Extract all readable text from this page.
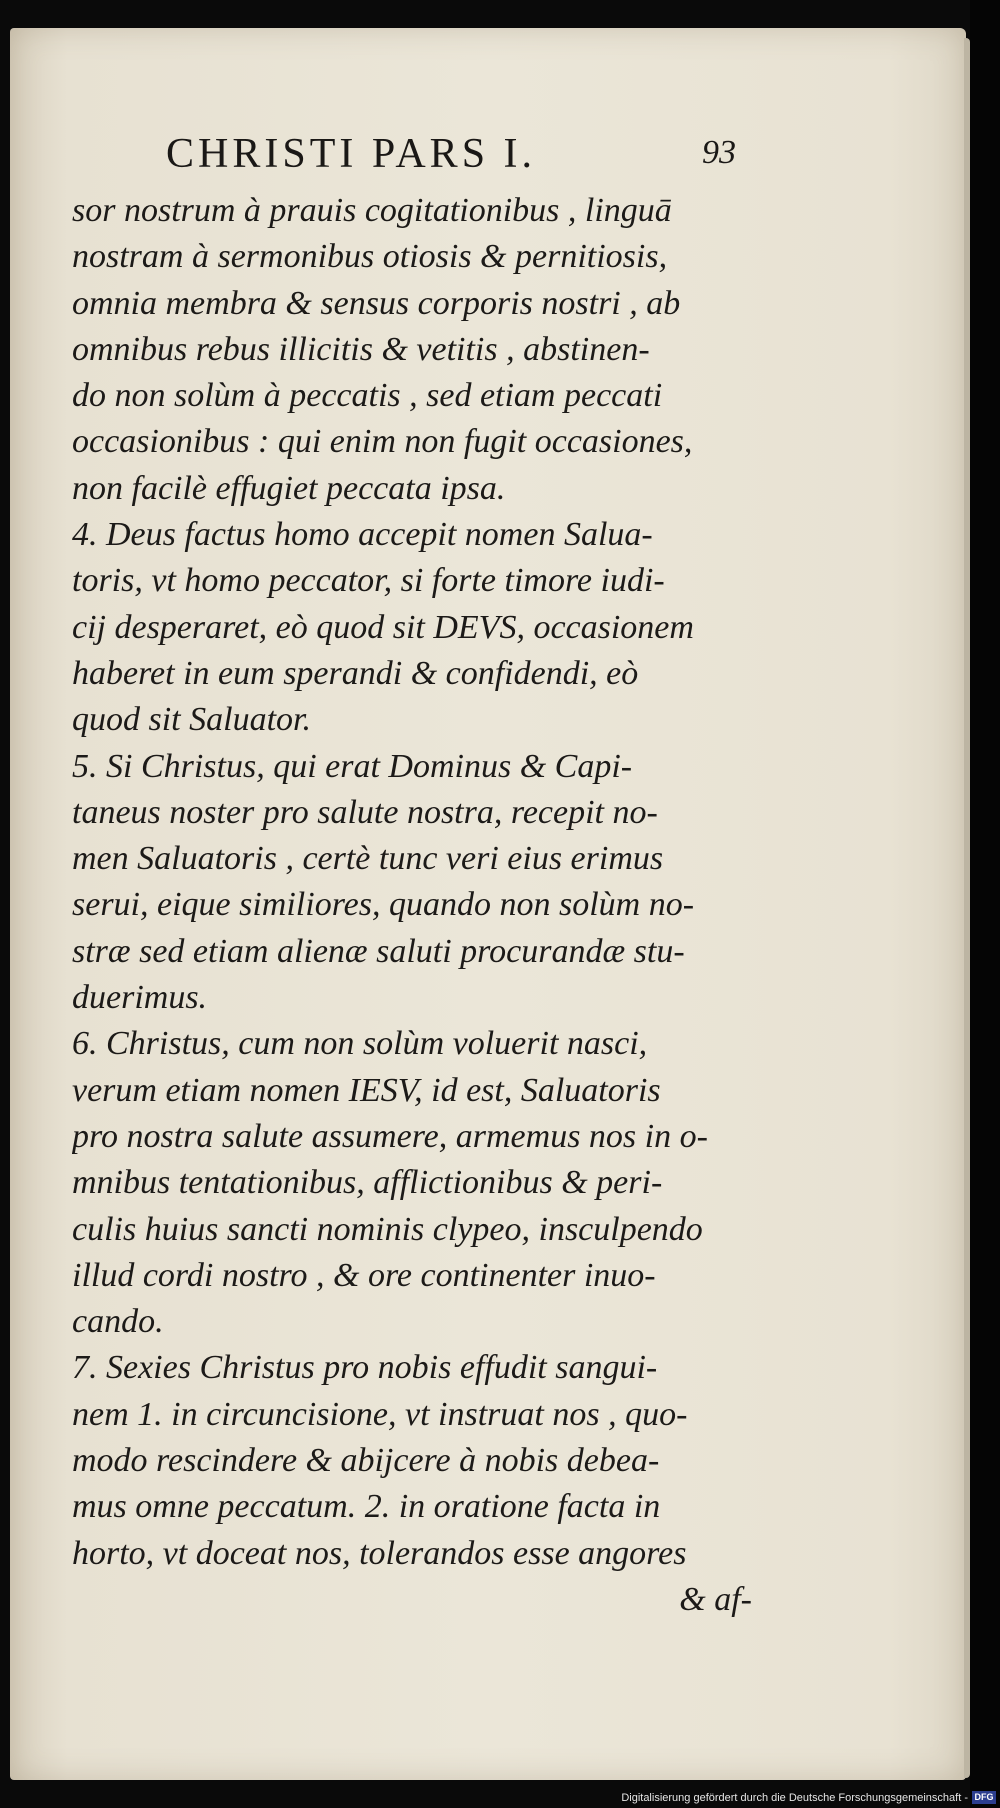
CHRISTI PARS I.	93
sor nostrum à prauis cogitationibus , linguā
nostram à sermonibus otiosis & pernitiosis,
omnia membra & sensus corporis nostri , ab
omnibus rebus illicitis & vetitis , abstinen-
do non solùm à peccatis , sed etiam peccati
occasionibus : qui enim non fugit occasiones,
non facilè effugiet peccata ipsa.
4. Deus factus homo accepit nomen Salua-
toris, vt homo peccator, si forte timore iudi-
cij desperaret, eò quod sit DEVS, occasionem
haberet in eum sperandi & confidendi, eò
quod sit Saluator.
5. Si Christus, qui erat Dominus & Capi-
taneus noster pro salute nostra, recepit no-
men Saluatoris , certè tunc veri eius erimus
serui, eique similiores, quando non solùm no-
stræ sed etiam alienæ saluti procurandæ stu-
duerimus.
6. Christus, cum non solùm voluerit nasci,
verum etiam nomen IESV, id est, Saluatoris
pro nostra salute assumere, armemus nos in o-
mnibus tentationibus, afflictionibus & peri-
culis huius sancti nominis clypeo, insculpendo
illud cordi nostro , & ore continenter inuo-
cando.
7. Sexies Christus pro nobis effudit sangui-
nem 1. in circuncisione, vt instruat nos , quo-
modo rescindere & abijcere à nobis debea-
mus omne peccatum. 2. in oratione facta in
horto, vt doceat nos, tolerandos esse angores
& af-
Digitalisierung gefördert durch die Deutsche Forschungsgemeinschaft - DFG
